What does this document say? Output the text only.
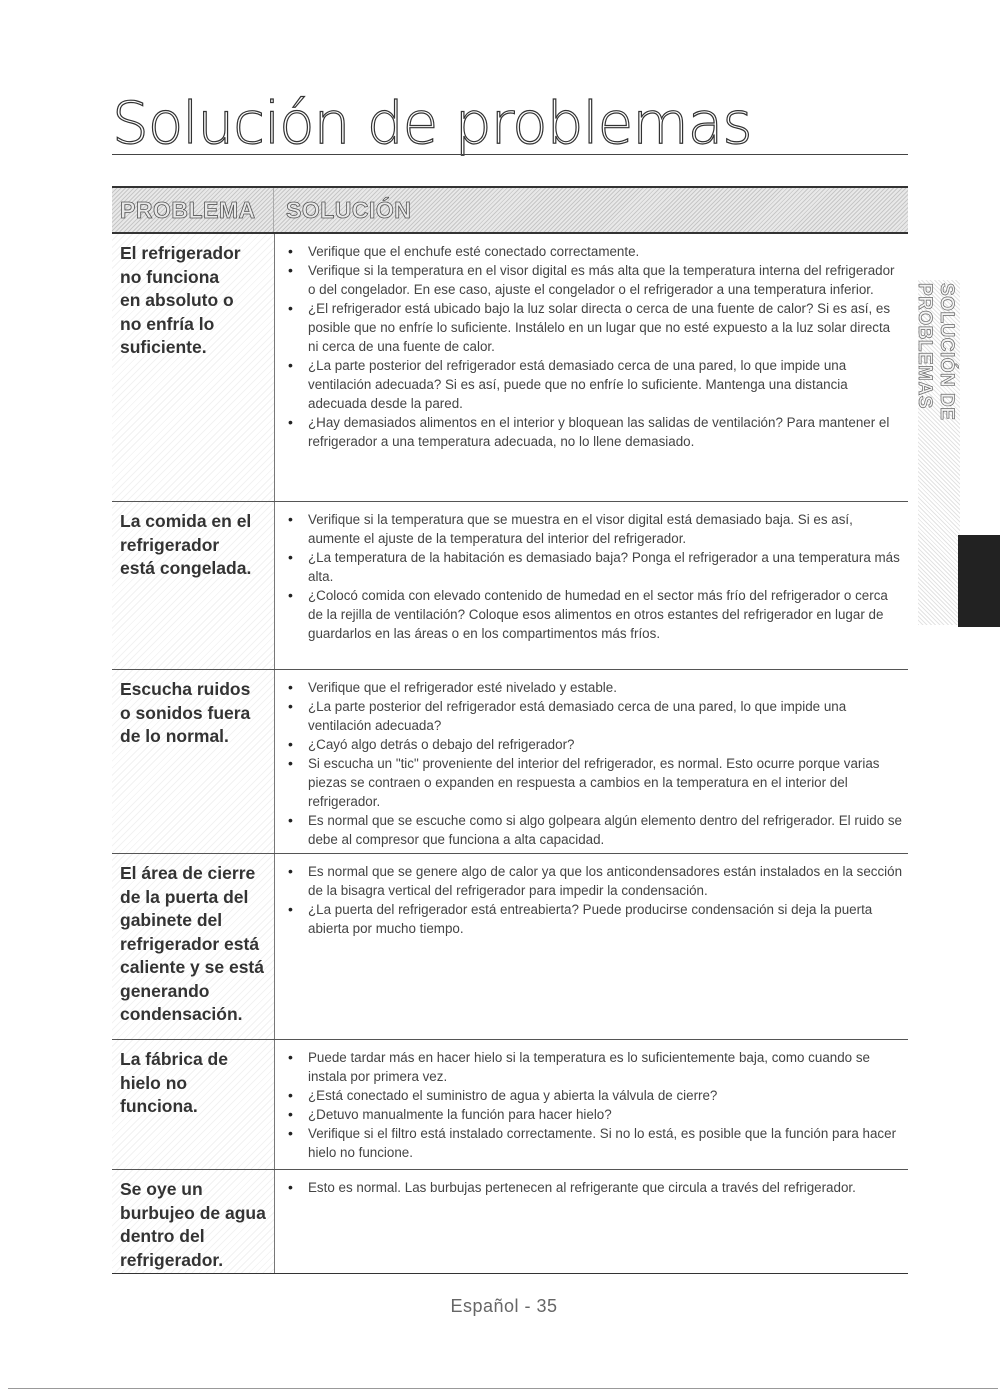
Solución de problemas
PROBLEMA	SOLUCIÓN
El refrigerador no funciona en absoluto o no enfría lo suficiente.
• Verifique que el enchufe esté conectado correctamente.
• Verifique si la temperatura en el visor digital es más alta que la temperatura interna del refrigerador o del congelador. En ese caso, ajuste el congelador o el refrigerador a una temperatura inferior.
• ¿El refrigerador está ubicado bajo la luz solar directa o cerca de una fuente de calor? Si es así, es posible que no enfríe lo suficiente. Instálelo en un lugar que no esté expuesto a la luz solar directa ni cerca de una fuente de calor.
• ¿La parte posterior del refrigerador está demasiado cerca de una pared, lo que impide una ventilación adecuada? Si es así, puede que no enfríe lo suficiente. Mantenga una distancia adecuada desde la pared.
• ¿Hay demasiados alimentos en el interior y bloquean las salidas de ventilación? Para mantener el refrigerador a una temperatura adecuada, no lo llene demasiado.
La comida en el refrigerador está congelada.
• Verifique si la temperatura que se muestra en el visor digital está demasiado baja. Si es así, aumente el ajuste de la temperatura del interior del refrigerador.
• ¿La temperatura de la habitación es demasiado baja? Ponga el refrigerador a una temperatura más alta.
• ¿Colocó comida con elevado contenido de humedad en el sector más frío del refrigerador o cerca de la rejilla de ventilación? Coloque esos alimentos en otros estantes del refrigerador en lugar de guardarlos en las áreas o en los compartimentos más fríos.
Escucha ruidos o sonidos fuera de lo normal.
• Verifique que el refrigerador esté nivelado y estable.
• ¿La parte posterior del refrigerador está demasiado cerca de una pared, lo que impide una ventilación adecuada?
• ¿Cayó algo detrás o debajo del refrigerador?
• Si escucha un "tic" proveniente del interior del refrigerador, es normal. Esto ocurre porque varias piezas se contraen o expanden en respuesta a cambios en la temperatura en el interior del refrigerador.
• Es normal que se escuche como si algo golpeara algún elemento dentro del refrigerador. El ruido se debe al compresor que funciona a alta capacidad.
El área de cierre de la puerta del gabinete del refrigerador está caliente y se está generando condensación.
• Es normal que se genere algo de calor ya que los anticondensadores están instalados en la sección de la bisagra vertical del refrigerador para impedir la condensación.
• ¿La puerta del refrigerador está entreabierta? Puede producirse condensación si deja la puerta abierta por mucho tiempo.
La fábrica de hielo no funciona.
• Puede tardar más en hacer hielo si la temperatura es lo suficientemente baja, como cuando se instala por primera vez.
• ¿Está conectado el suministro de agua y abierta la válvula de cierre?
• ¿Detuvo manualmente la función para hacer hielo?
• Verifique si el filtro está instalado correctamente. Si no lo está, es posible que la función para hacer hielo no funcione.
Se oye un burbujeo de agua dentro del refrigerador.
• Esto es normal. Las burbujas pertenecen al refrigerante que circula a través del refrigerador.
SOLUCIÓN DE PROBLEMAS
Español - 35
